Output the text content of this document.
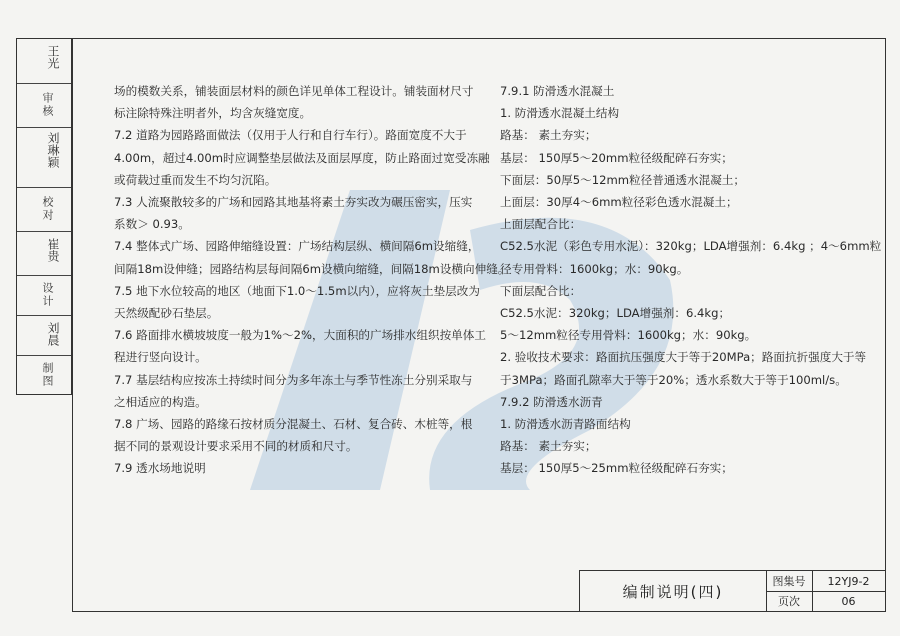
王光
审核
刘琳颖
校对
崔贵
设计
刘晨
制图

场的模数关系，铺装面层材料的颜色详见单体工程设计。铺装面材尺寸

标注除特殊注明者外，均含灰缝宽度。

7.2 道路为园路路面做法（仅用于人行和自行车行）。路面宽度不大于

4.00m，超过4.00m时应调整垫层做法及面层厚度，防止路面过宽受冻融

或荷载过重而发生不均匀沉陷。

7.3 人流聚散较多的广场和园路其地基将素土夯实改为碾压密实，压实

系数＞ 0.93。

7.4 整体式广场、园路伸缩缝设置：广场结构层纵、横间隔6m设缩缝，

间隔18m设伸缝；园路结构层每间隔6m设横向缩缝，间隔18m设横向伸缝。

7.5 地下水位较高的地区（地面下1.0～1.5m以内），应将灰土垫层改为

天然级配砂石垫层。

7.6 路面排水横坡坡度一般为1%～2%，大面积的广场排水组织按单体工

程进行竖向设计。

7.7 基层结构应按冻土持续时间分为多年冻土与季节性冻土分别采取与

之相适应的构造。

7.8 广场、园路的路缘石按材质分混凝土、石材、复合砖、木桩等，根

据不同的景观设计要求采用不同的材质和尺寸。

7.9 透水场地说明

7.9.1 防滑透水混凝土

1. 防滑透水混凝土结构

路基： 素土夯实；

基层： 150厚5～20mm粒径级配碎石夯实；

下面层：50厚5～12mm粒径普通透水混凝土；

上面层：30厚4～6mm粒径彩色透水混凝土；

上面层配合比：

C52.5水泥（彩色专用水泥）：320kg；LDA增强剂：6.4kg ；4～6mm粒

径专用骨料：1600kg；水：90kg。

下面层配合比：

C52.5水泥：320kg；LDA增强剂：6.4kg；

5～12mm粒径专用骨料：1600kg；水：90kg。

2. 验收技术要求：路面抗压强度大于等于20MPa；路面抗折强度大于等

于3MPa；路面孔隙率大于等于20%；透水系数大于等于100ml/s。

7.9.2 防滑透水沥青

1. 防滑透水沥青路面结构

路基： 素土夯实；

基层： 150厚5～25mm粒径级配碎石夯实；

编制说明(四)
图集号	12YJ9-2
页次	06
